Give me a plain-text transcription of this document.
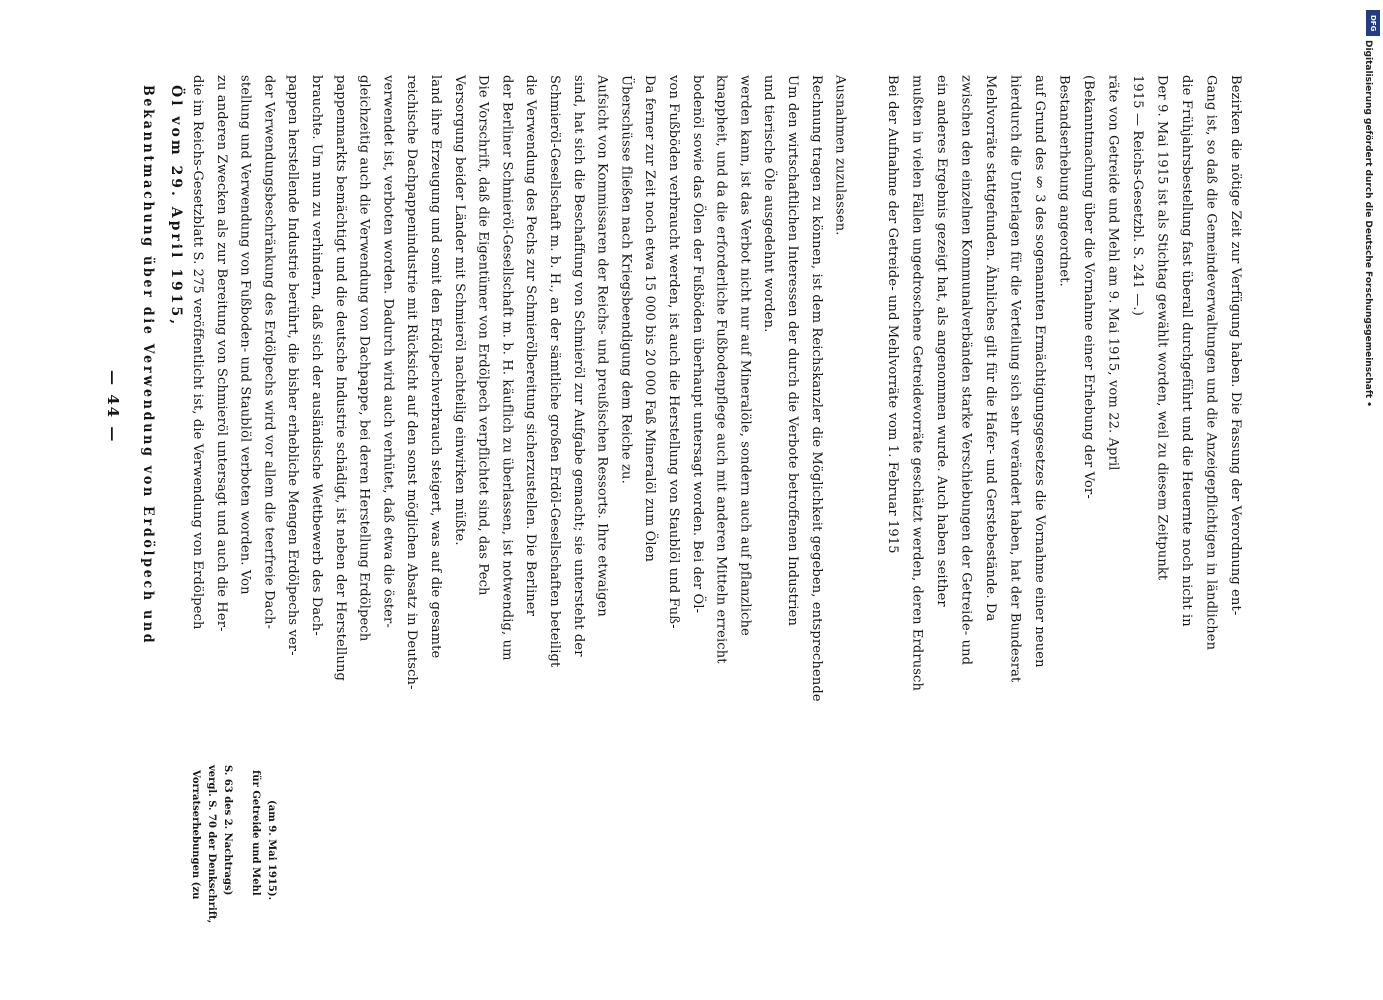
— 44 — Bekanntmachung über die Verwendung von Erdölpech und Öl vom 29. April 1915, die im Reichs-Gesetzblatt S. 275 veröffentlicht ist, die Verwendung von Erdölpech zu anderen Zwecken als zur Bereitung von Schmieröl untersagt und auch die Her- stellung und Verwendung von Fußboden- und Staublöl verboten worden. Von der Verwendungsbeschränkung des Erdölpechs wird vor allem die teerfreie Dach- pappen herstellende Industrie berührt, die bisher erhebliche Mengen Erdölpechs ver- brauchte. Um nun zu verhindern, daß sich der ausländische Wettbewerb des Dach- pappenmarkts bemächtigt und die deutsche Industrie schädigt, ist neben der Herstellung gleichzeitig auch die Verwendung von Dachpappe, bei deren Herstellung Erdölpech verwendet ist, verboten worden. Dadurch wird auch verhütet, daß etwa die öster- reichische Dachpappenindustrie mit Rücksicht auf den sonst möglichen Absatz in Deutsch- land ihre Erzeugung und somit den Erdölpechverbrauch steigert, was auf die gesamte Versorgung beider Länder mit Schmieröl nachteilig einwirken müßte. Die Vorschrift, daß die Eigentümer von Erdölpech verpflichtet sind, das Pech der Berliner Schmieröl-Gesellschaft m. b. H. käuflich zu überlassen, ist notwendig, um die Verwendung des Pechs zur Schmierölbereitung sicherzustellen. Die Berliner Schmieröl-Gesellschaft m. b. H., an der sämtliche großen Erdöl-Gesellschaften beteiligt sind, hat sich die Beschaffung von Schmieröl zur Aufgabe gemacht; sie untersteht der Aufsicht von Kommissaren der Reichs- und preußischen Ressorts. Ihre etwaigen Überschüsse fließen nach Kriegsbeendigung dem Reiche zu. Da ferner zur Zeit noch etwa 15 000 bis 20 000 Faß Mineralöl zum Ölen von Fußböden verbraucht werden, ist auch die Herstellung von Staublöl und Fuß- bodenöl sowie das Ölen der Fußböden überhaupt untersagt worden. Bei der Öl- knappheit, und da die erforderliche Fußbodenpflege auch mit anderen Mitteln erreicht werden kann, ist das Verbot nicht nur auf Mineralöle, sondern auch auf pflanzliche und tierische Öle ausgedehnt worden. Um den wirtschaftlichen Interessen der durch die Verbote betroffenen Industrien Rechnung tragen zu können, ist dem Reichskanzler die Möglichkeit gegeben, entsprechende Ausnahmen zuzulassen.	Bei der Aufnahme der Getreide- und Mehlvorräte vom 1. Februar 1915 mußten in vielen Fällen ungedroschene Getreidevorräte geschätzt werden, deren Erdrusch ein anderes Ergebnis gezeigt hat, als angenommen wurde. Auch haben seither zwischen den einzelnen Kommunalverbänden starke Verschiebungen der Getreide- und Mehlvorräte stattgefunden. Ähnliches gilt für die Hafer- und Gerstebestände. Da hierdurch die Unterlagen für die Verteilung sich sehr verändert haben, hat der Bundesrat auf Grund des § 3 des sogenannten Ermächtigungsgesetzes die Vornahme einer neuen Bestandserhebung angeordnet. (Bekanntmachung über die Vornahme einer Erhebung der Vor- räte von Getreide und Mehl am 9. Mai 1915, vom 22. April 1915 — Reichs-Gesetzbl. S. 241 —.) Der 9. Mai 1915 ist als Stichtag gewählt worden, weil zu diesem Zeitpunkt die Frühjahrsbestellung fast überall durchgeführt und die Heuernte noch nicht in Gang ist, so daß die Gemeindeverwaltungen und die Anzeigepflichtigen in ländlichen Bezirken die nötige Zeit zur Verfügung haben. Die Fassung der Verordnung ent-
Vorratserhebungen (zu vergl. S. 70 der Denkschrift, S. 63 des 2. Nachtrags) für Getreide und Mehl (am 9. Mai 1915).
DFG
Digitalisierung gefördert durch die Deutsche Forschungsgemeinschaft •
